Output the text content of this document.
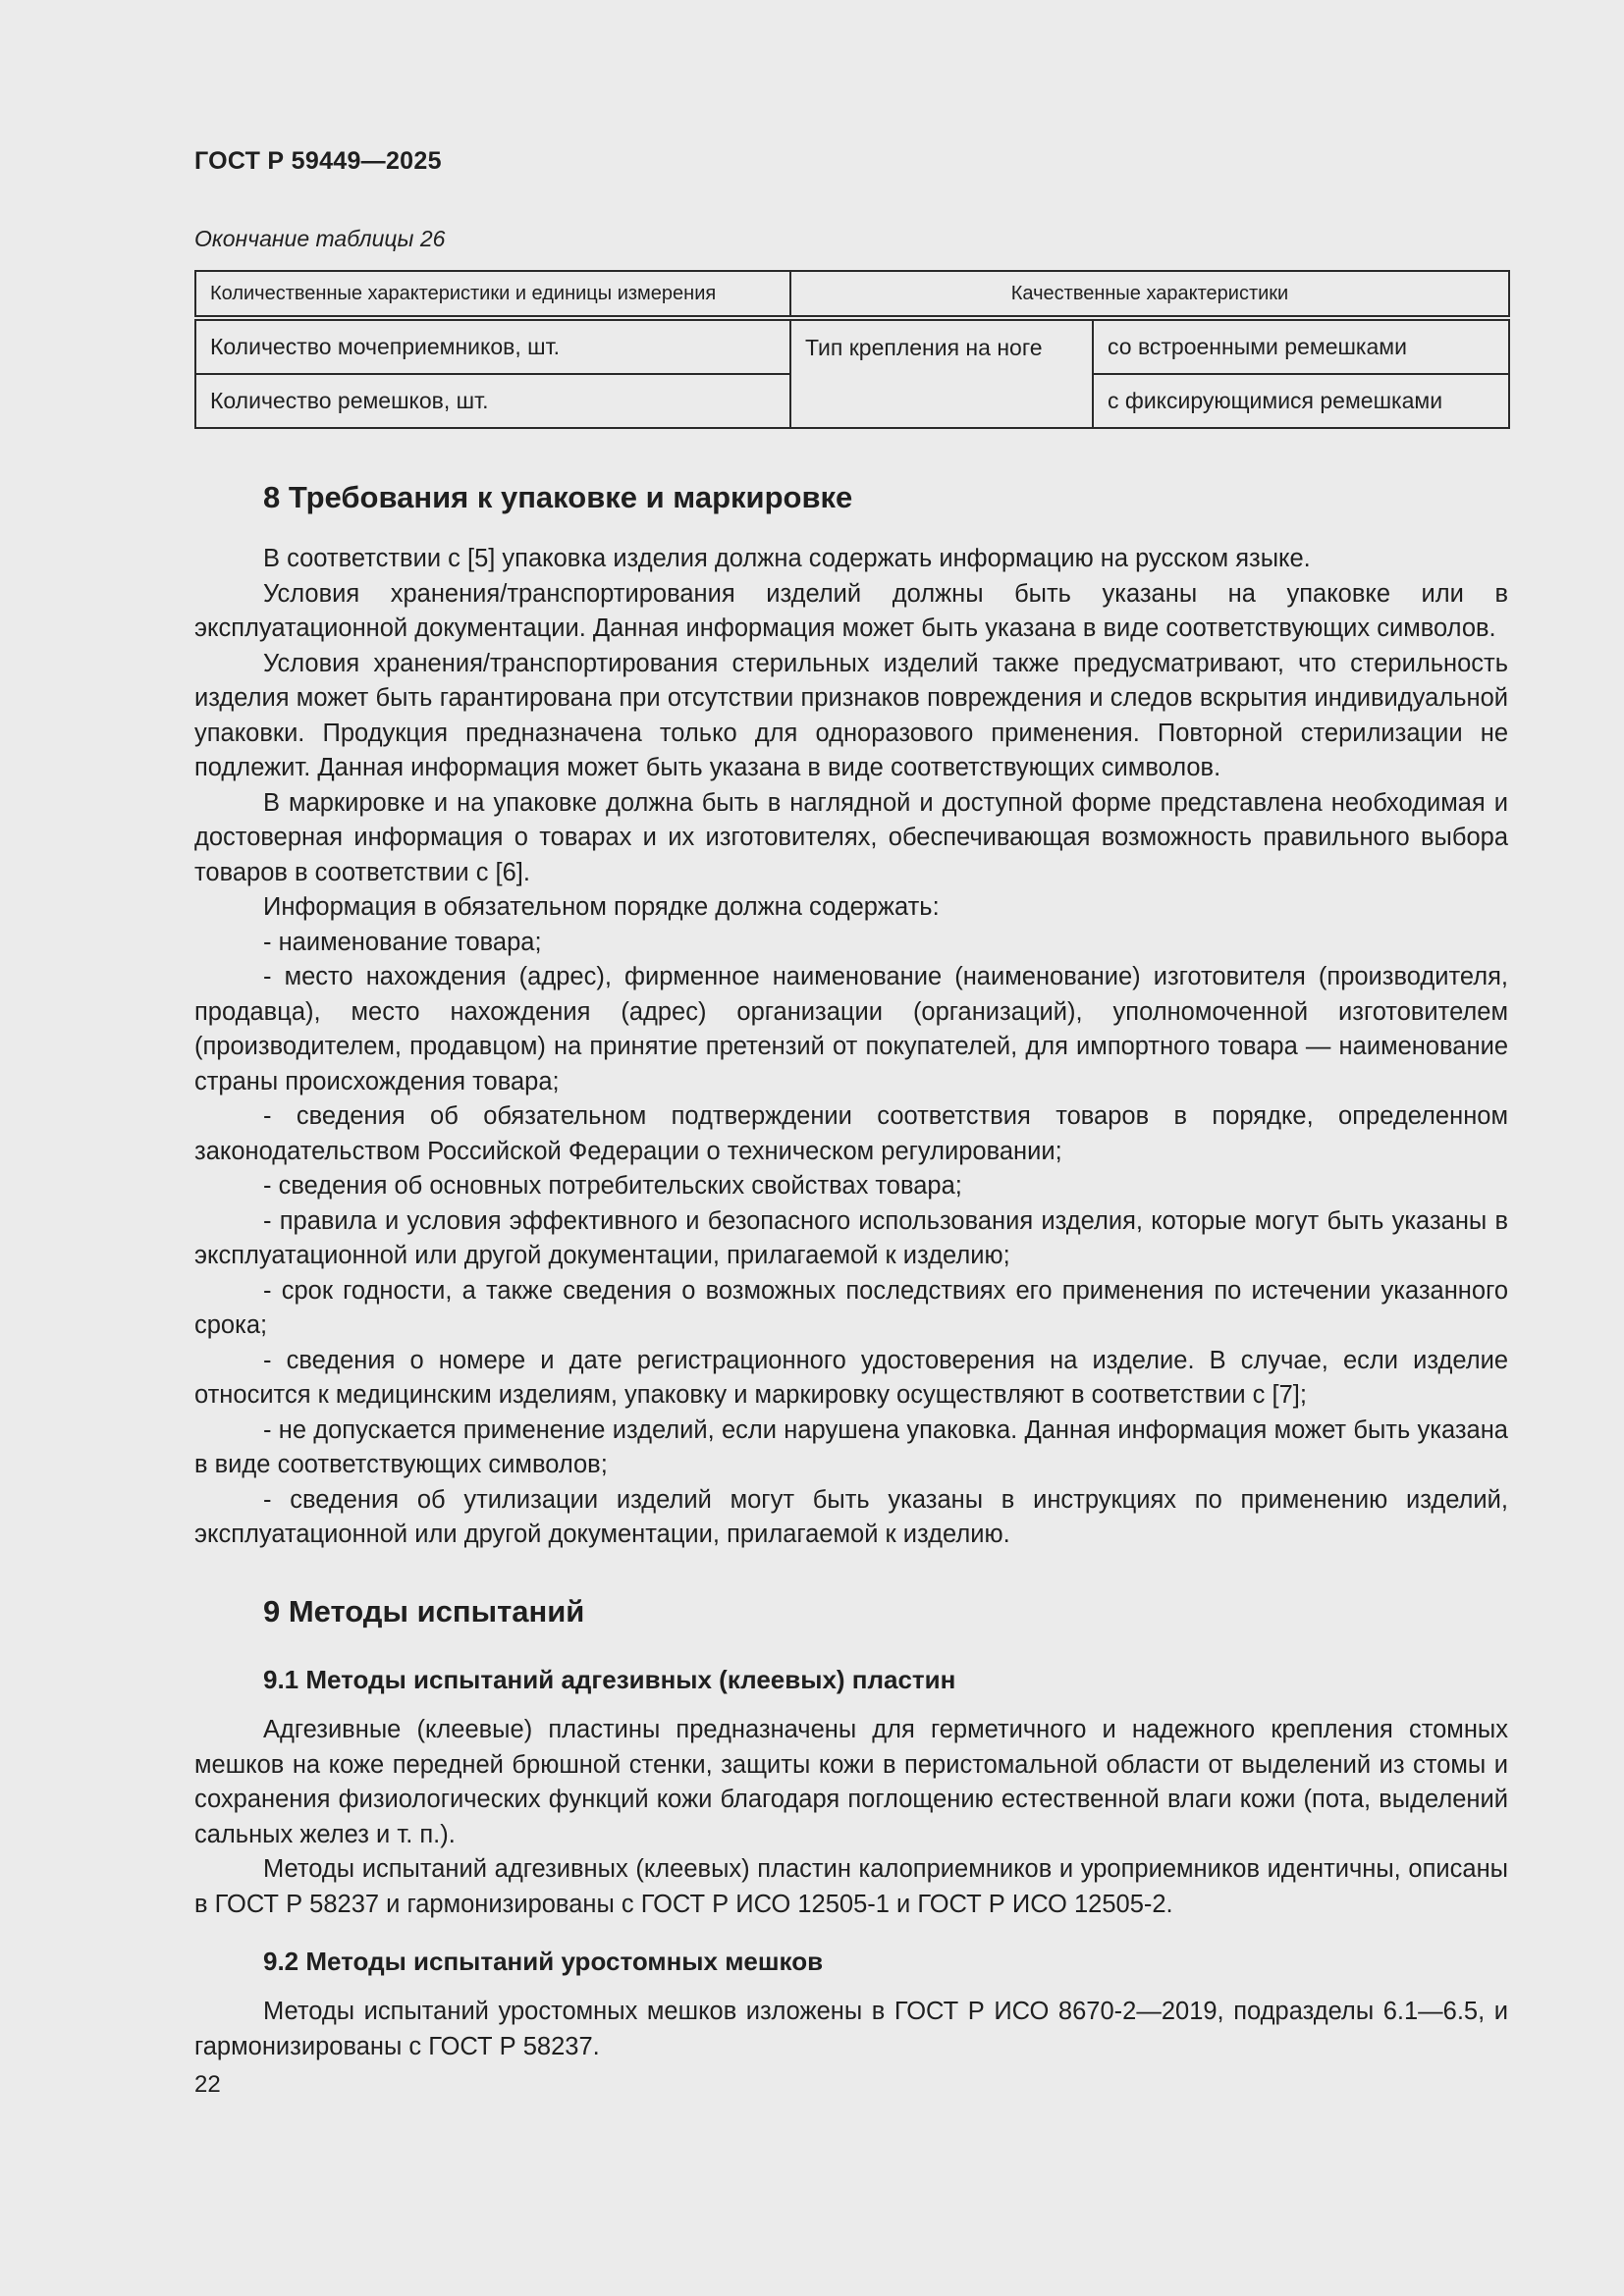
ГОСТ Р 59449—2025
Окончание таблицы 26
Количественные характеристики и единицы измерения	Качественные характеристики	
Количество мочеприемников, шт.	Тип крепления на ноге	со встроенными ремешками
Количество ремешков, шт.		с фиксирующимися ремешками
8 Требования к упаковке и маркировке

В соответствии с [5] упаковка изделия должна содержать информацию на русском языке.

Условия хранения/транспортирования изделий должны быть указаны на упаковке или в эксплуатационной документации. Данная информация может быть указана в виде соответствующих символов.

Условия хранения/транспортирования стерильных изделий также предусматривают, что стерильность изделия может быть гарантирована при отсутствии признаков повреждения и следов вскрытия индивидуальной упаковки. Продукция предназначена только для одноразового применения. Повторной стерилизации не подлежит. Данная информация может быть указана в виде соответствующих символов.

В маркировке и на упаковке должна быть в наглядной и доступной форме представлена необходимая и достоверная информация о товарах и их изготовителях, обеспечивающая возможность правильного выбора товаров в соответствии с [6].

Информация в обязательном порядке должна содержать:

- наименование товара;

- место нахождения (адрес), фирменное наименование (наименование) изготовителя (производителя, продавца), место нахождения (адрес) организации (организаций), уполномоченной изготовителем (производителем, продавцом) на принятие претензий от покупателей, для импортного товара — наименование страны происхождения товара;

- сведения об обязательном подтверждении соответствия товаров в порядке, определенном законодательством Российской Федерации о техническом регулировании;

- сведения об основных потребительских свойствах товара;

- правила и условия эффективного и безопасного использования изделия, которые могут быть указаны в эксплуатационной или другой документации, прилагаемой к изделию;

- срок годности, а также сведения о возможных последствиях его применения по истечении указанного срока;

- сведения о номере и дате регистрационного удостоверения на изделие. В случае, если изделие относится к медицинским изделиям, упаковку и маркировку осуществляют в соответствии с [7];

- не допускается применение изделий, если нарушена упаковка. Данная информация может быть указана в виде соответствующих символов;

- сведения об утилизации изделий могут быть указаны в инструкциях по применению изделий, эксплуатационной или другой документации, прилагаемой к изделию.

9 Методы испытаний
9.1 Методы испытаний адгезивных (клеевых) пластин

Адгезивные (клеевые) пластины предназначены для герметичного и надежного крепления стомных мешков на коже передней брюшной стенки, защиты кожи в перистомальной области от выделений из стомы и сохранения физиологических функций кожи благодаря поглощению естественной влаги кожи (пота, выделений сальных желез и т. п.).

Методы испытаний адгезивных (клеевых) пластин калоприемников и уроприемников идентичны, описаны в ГОСТ Р 58237 и гармонизированы с ГОСТ Р ИСО 12505-1 и ГОСТ Р ИСО 12505-2.

9.2 Методы испытаний уростомных мешков

Методы испытаний уростомных мешков изложены в ГОСТ Р ИСО 8670-2—2019, подразделы 6.1—6.5, и гармонизированы с ГОСТ Р 58237.

22
